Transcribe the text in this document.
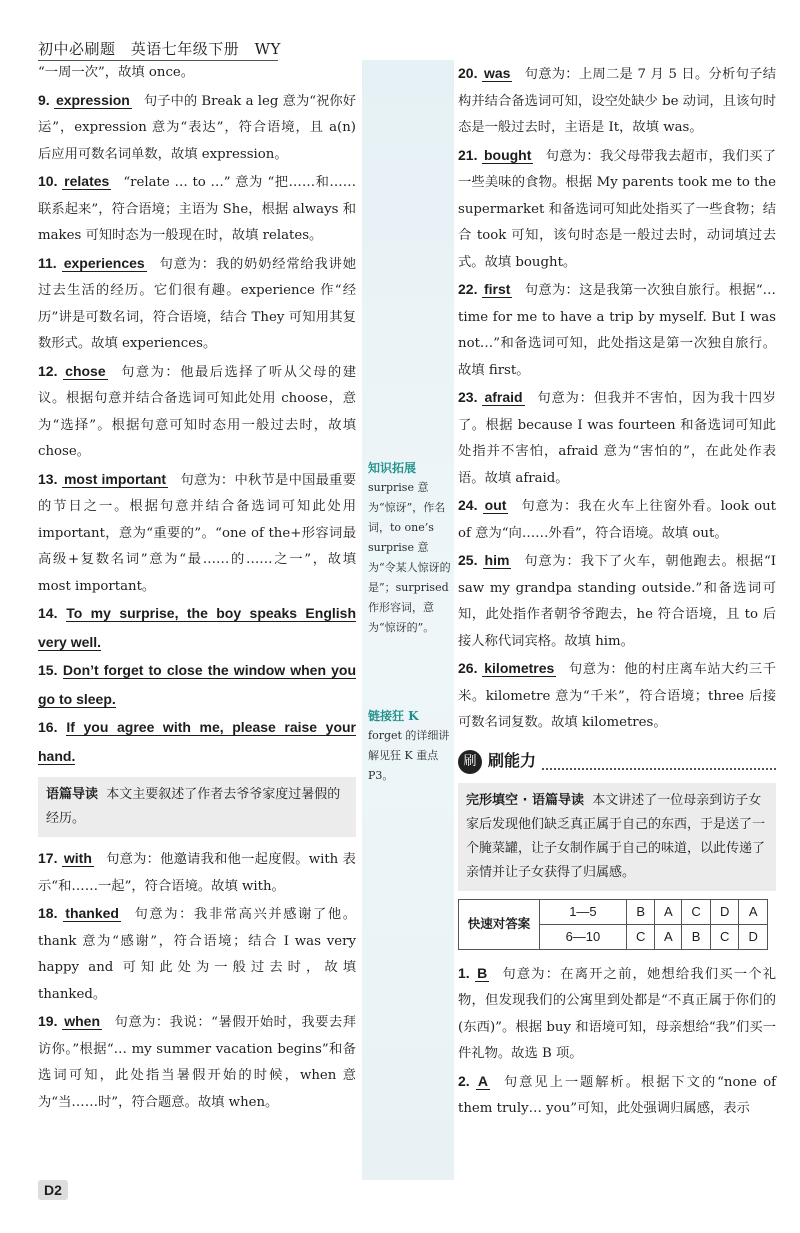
初中必刷题 英语七年级下册 WY

“一周一次”，故填 once。

9. expression 句子中的 Break a leg 意为“祝你好运”，expression 意为“表达”，符合语境，且 a(n) 后应用可数名词单数，故填 expression。

10. relates “relate … to …” 意为 “把……和……联系起来”，符合语境；主语为 She，根据 always 和 makes 可知时态为一般现在时，故填 relates。

11. experiences 句意为：我的奶奶经常给我讲她过去生活的经历。它们很有趣。experience 作“经历”讲是可数名词，符合语境，结合 They 可知用其复数形式。故填 experiences。

12. chose 句意为：他最后选择了听从父母的建议。根据句意并结合备选词可知此处用 choose，意为“选择”。根据句意可知时态用一般过去时，故填 chose。

13. most important 句意为：中秋节是中国最重要的节日之一。根据句意并结合备选词可知此处用 important，意为“重要的”。“one of the+形容词最高级+复数名词”意为“最……的……之一”，故填 most important。

14. To my surprise, the boy speaks English very well.

15. Don’t forget to close the window when you go to sleep.

16. If you agree with me, please raise your hand.

语篇导读 本文主要叙述了作者去爷爷家度过暑假的经历。

17. with 句意为：他邀请我和他一起度假。with 表示“和……一起”，符合语境。故填 with。

18. thanked 句意为：我非常高兴并感谢了他。thank 意为“感谢”，符合语境；结合 I was very happy and 可知此处为一般过去时，故填 thanked。

19. when 句意为：我说：“暑假开始时，我要去拜访你。”根据“… my summer vacation begins”和备选词可知，此处指当暑假开始的时候，when 意为“当……时”，符合题意。故填 when。

知识拓展
surprise 意为“惊讶”，作名词，to one’s surprise 意为“令某人惊讶的是”；surprised 作形容词，意为“惊讶的”。
链接狂 K
forget 的详细讲解见狂 K 重点 P3。

20. was 句意为：上周二是 7 月 5 日。分析句子结构并结合备选词可知，设空处缺少 be 动词，且该句时态是一般过去时，主语是 It，故填 was。

21. bought 句意为：我父母带我去超市，我们买了一些美味的食物。根据 My parents took me to the supermarket 和备选词可知此处指买了一些食物；结合 took 可知，该句时态是一般过去时，动词填过去式。故填 bought。

22. first 句意为：这是我第一次独自旅行。根据“… time for me to have a trip by myself. But I was not…”和备选词可知，此处指这是第一次独自旅行。故填 first。

23. afraid 句意为：但我并不害怕，因为我十四岁了。根据 because I was fourteen 和备选词可知此处指并不害怕，afraid 意为“害怕的”，在此处作表语。故填 afraid。

24. out 句意为：我在火车上往窗外看。look out of 意为“向……外看”，符合语境。故填 out。

25. him 句意为：我下了火车，朝他跑去。根据“I saw my grandpa standing outside.”和备选词可知，此处指作者朝爷爷跑去，he 符合语境，且 to 后接人称代词宾格。故填 him。

26. kilometres 句意为：他的村庄离车站大约三千米。kilometre 意为“千米”，符合语境；three 后接可数名词复数。故填 kilometres。

刷 刷能力
完形填空 · 语篇导读 本文讲述了一位母亲到访子女家后发现他们缺乏真正属于自己的东西，于是送了一个腌菜罐，让子女制作属于自己的味道，以此传递了亲情并让子女获得了归属感。
快速对答案	1—5	B	A	C	D	A
	6—10	C	A	B	C	D

1. B 句意为：在离开之前，她想给我们买一个礼物，但发现我们的公寓里到处都是“不真正属于你们的(东西)”。根据 buy 和语境可知，母亲想给“我”们买一件礼物。故选 B 项。

2. A 句意见上一题解析。根据下文的“none of them truly… you”可知，此处强调归属感，表示

D2
